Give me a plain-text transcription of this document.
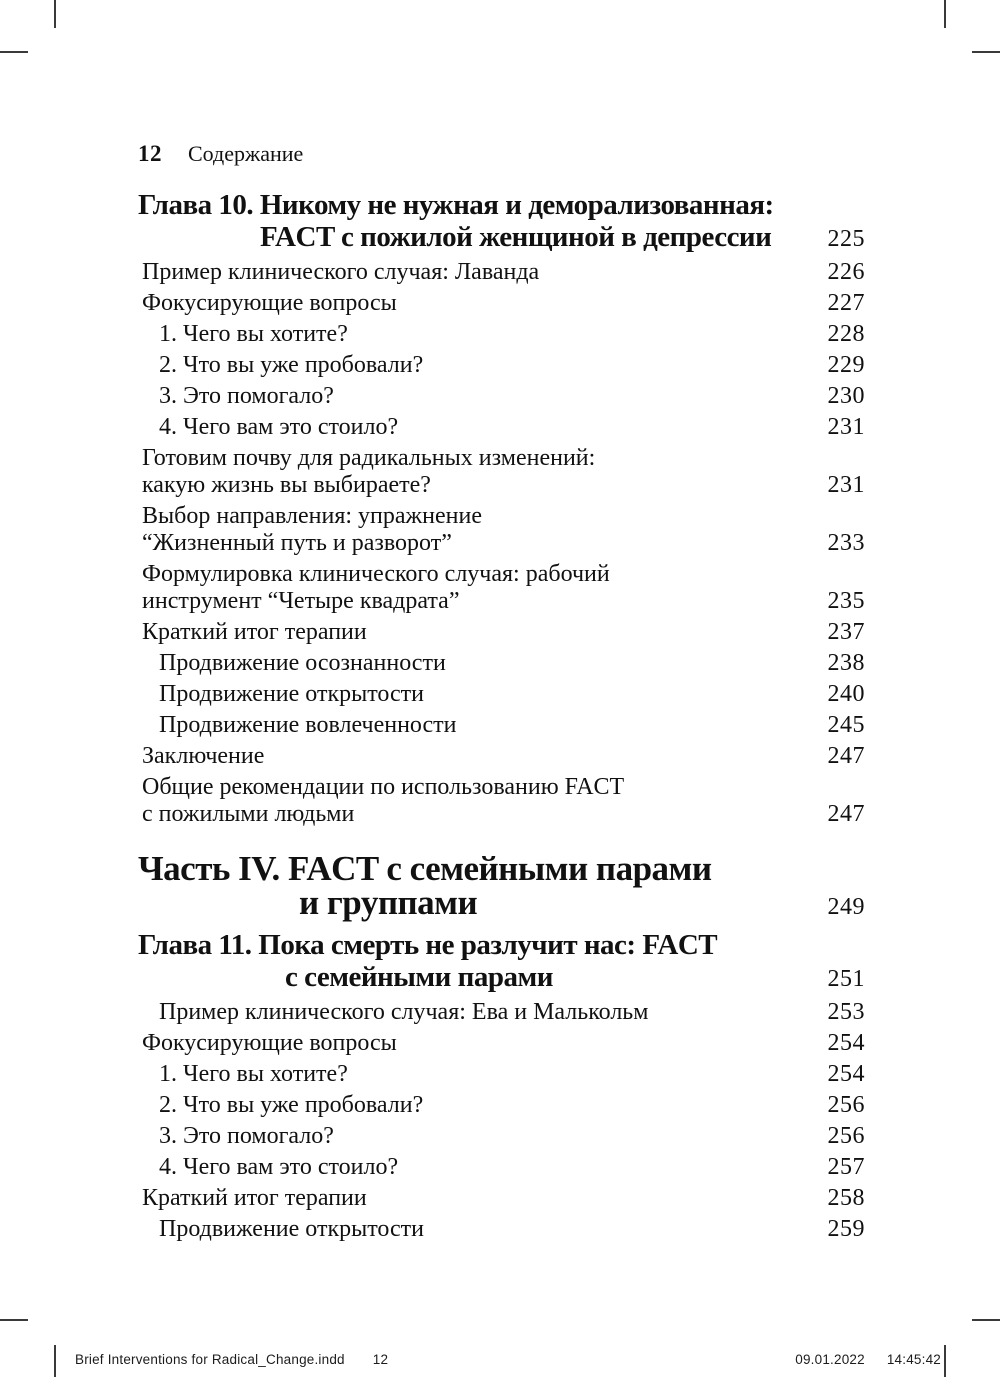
12 Содержание
Глава 10. Никому не нужная и деморализованная:
FACT с пожилой женщиной в депрессии	225
Пример клинического случая: Лаванда	226
Фокусирующие вопросы	227
1. Чего вы хотите?	228
2. Что вы уже пробовали?	229
3. Это помогало?	230
4. Чего вам это стоило?	231
Готовим почву для радикальных изменений:
какую жизнь вы выбираете?	231
Выбор направления: упражнение
“Жизненный путь и разворот”	233
Формулировка клинического случая: рабочий
инструмент “Четыре квадрата”	235
Краткий итог терапии	237
Продвижение осознанности	238
Продвижение открытости	240
Продвижение вовлеченности	245
Заключение	247
Общие рекомендации по использованию FACT
с пожилыми людьми	247
Часть IV. FACT с семейными парами
и группами	249
Глава 11. Пока смерть не разлучит нас: FACT
с семейными парами	251
Пример клинического случая: Ева и Малькольм	253
Фокусирующие вопросы	254
1. Чего вы хотите?	254
2. Что вы уже пробовали?	256
3. Это помогало?	256
4. Чего вам это стоило?	257
Краткий итог терапии	258
Продвижение открытости	259
Brief Interventions for Radical_Change.indd 12	09.01.2022 14:45:42
